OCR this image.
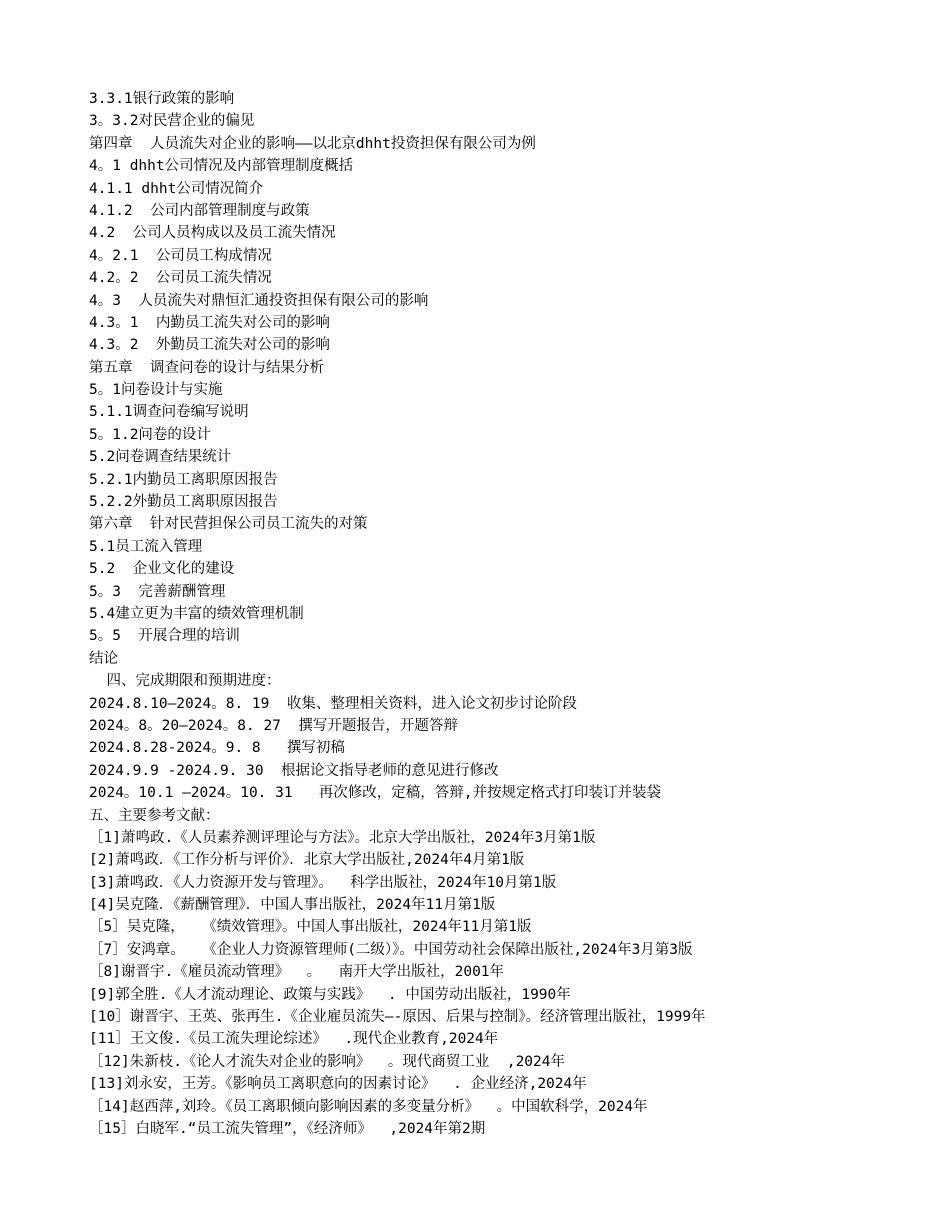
3.3.1银行政策的影响
3。3.2对民营企业的偏见
第四章  人员流失对企业的影响——以北京dhht投资担保有限公司为例
4。1 dhht公司情况及内部管理制度概括
4.1.1 dhht公司情况简介
4.1.2  公司内部管理制度与政策
4.2  公司人员构成以及员工流失情况
4。2.1  公司员工构成情况
4.2。2  公司员工流失情况
4。3  人员流失对鼎恒汇通投资担保有限公司的影响
4.3。1  内勤员工流失对公司的影响
4.3。2  外勤员工流失对公司的影响
第五章  调查问卷的设计与结果分析
5。1问卷设计与实施
5.1.1调查问卷编写说明
5。1.2问卷的设计
5.2问卷调查结果统计
5.2.1内勤员工离职原因报告
5.2.2外勤员工离职原因报告
第六章  针对民营担保公司员工流失的对策
5.1员工流入管理
5.2  企业文化的建设
5。3  完善薪酬管理
5.4建立更为丰富的绩效管理机制
5。5  开展合理的培训
结论
四、完成期限和预期进度：
2024.8.10—2024。8. 19  收集、整理相关资料，进入论文初步讨论阶段
2024。8。20—2024。8. 27  撰写开题报告，开题答辩
2024.8.28-2024。9. 8   撰写初稿
2024.9.9 -2024.9. 30  根据论文指导老师的意见进行修改
2024。10.1 —2024。10. 31   再次修改，定稿，答辩,并按规定格式打印装订并装袋
五、主要参考文献：
［1]萧鸣政.《人员素养测评理论与方法》。北京大学出版社，2024年3月第1版
[2]萧鸣政．《工作分析与评价》．北京大学出版社,2024年4月第1版
[3]萧鸣政．《人力资源开发与管理》。  科学出版社，2024年10月第1版
[4]吴克隆．《薪酬管理》．中国人事出版社，2024年11月第1版
［5］吴克隆，  《绩效管理》。中国人事出版社，2024年11月第1版
［7］安鸿章。  《企业人力资源管理师(二级）》。中国劳动社会保障出版社,2024年3月第3版
［8]谢晋宇.《雇员流动管理》  。  南开大学出版社，2001年
[9]郭全胜.《人才流动理论、政策与实践》  . 中国劳动出版社，1990年
[10］谢晋宇、王英、张再生.《企业雇员流失—-原因、后果与控制》。经济管理出版社，1999年
[11］王文俊.《员工流失理论综述》  .现代企业教育,2024年
［12]朱新枝.《论人才流失对企业的影响》  。现代商贸工业  ,2024年
[13]刘永安，王芳。《影响员工离职意向的因素讨论》  . 企业经济,2024年
［14]赵西萍,刘玲。《员工离职倾向影响因素的多变量分析》  。中国软科学，2024年
［15］白晓军.“员工流失管理”，《经济师》  ,2024年第2期
